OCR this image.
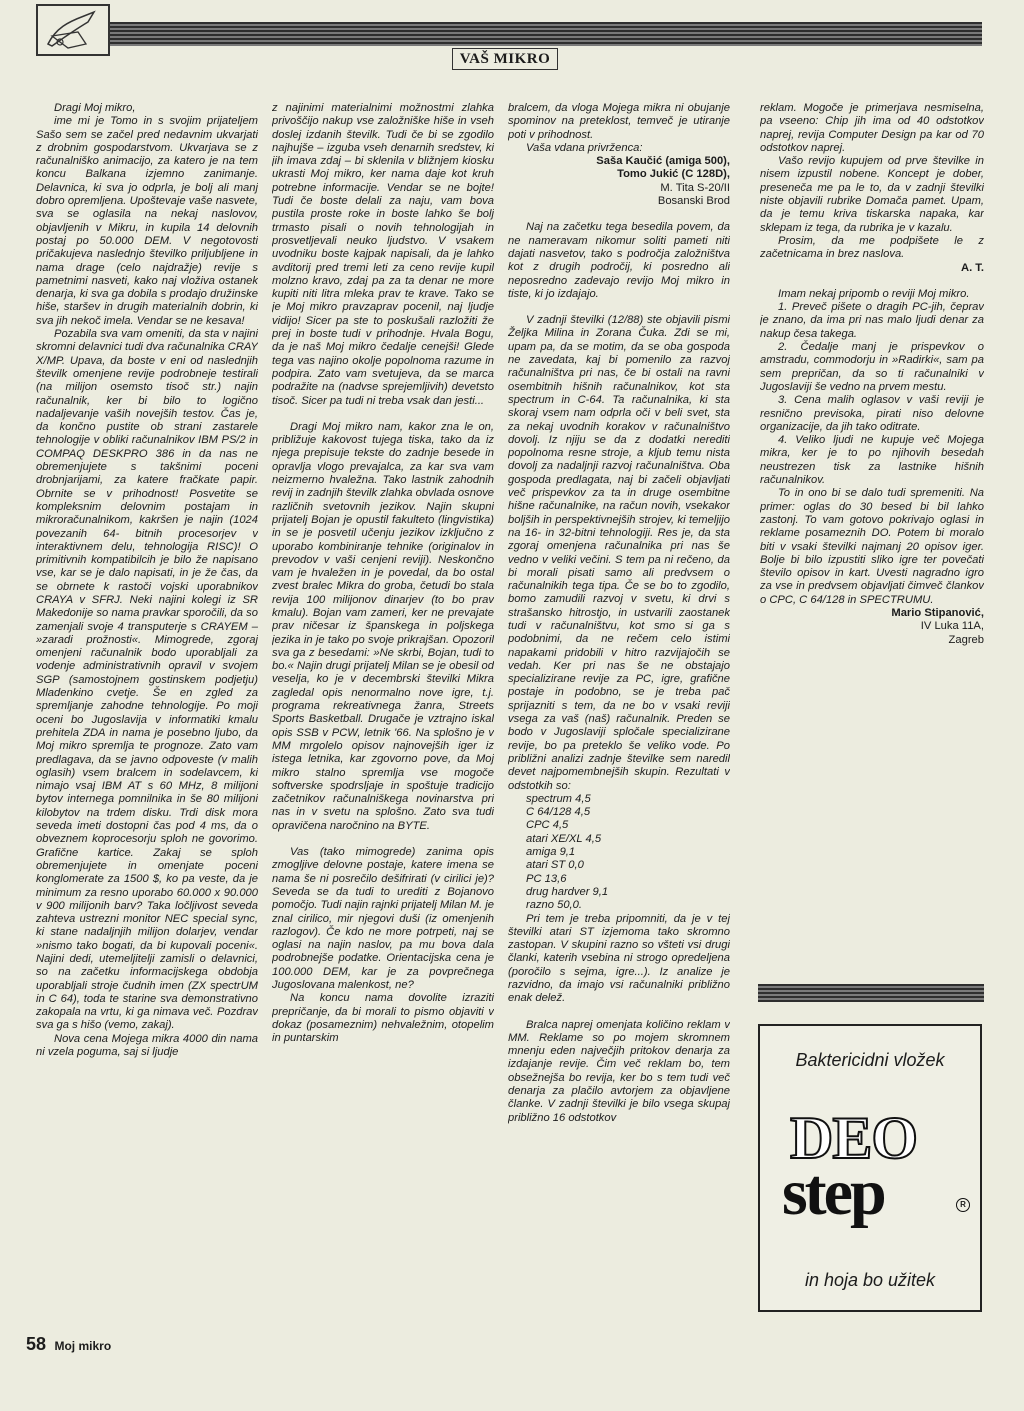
VAŠ MIKRO

Dragi Moj mikro,

ime mi je Tomo in s svojim prijateljem Sašo sem se začel pred nedavnim ukvarjati z drobnim gospodarstvom. Ukvarjava se z računalniško animacijo, za katero je na tem koncu Balkana izjemno zanimanje. Delavnica, ki sva jo odprla, je bolj ali manj dobro opremljena. Upoštevaje vaše nasvete, sva se oglasila na nekaj naslovov, objavljenih v Mikru, in kupila 14 delovnih postaj po 50.000 DEM. V negotovosti pričakujeva naslednjo številko priljubljene in nama drage (celo najdražje) revije s pametnimi nasveti, kako naj vloživa ostanek denarja, ki sva ga dobila s prodajo družinske hiše, staršev in drugih materialnih dobrin, ki sva jih nekoč imela. Vendar se ne kesava!

Pozabila sva vam omeniti, da sta v najini skromni delavnici tudi dva računalnika CRAY X/MP. Upava, da boste v eni od naslednjih številk omenjene revije podrobneje testirali (na milijon osemsto tisoč str.) najin računalnik, ker bi bilo to logično nadaljevanje vaših novejših testov. Čas je, da končno pustite ob strani zastarele tehnologije v obliki računalnikov IBM PS/2 in COMPAQ DESKPRO 386 in da nas ne obremenjujete s takšnimi poceni drobnjarijami, za katere fračkate papir. Obrnite se v prihodnost! Posvetite se kompleksnim delovnim postajam in mikroračunalnikom, kakršen je najin (1024 povezanih 64- bitnih procesorjev v interaktivnem delu, tehnologija RISC)! O primitivnih kompatibilcih je bilo že napisano vse, kar se je dalo napisati, in je že čas, da se obrnete k rastoči vojski uporabnikov CRAYA v SFRJ. Neki najini kolegi iz SR Makedonije so nama pravkar sporočili, da so zamenjali svoje 4 transputerje s CRAYEM – »zaradi prožnosti«. Mimogrede, zgoraj omenjeni računalnik bodo uporabljali za vodenje administrativnih opravil v svojem SGP (samostojnem gostinskem podjetju) Mladenkino cvetje. Še en zgled za spremljanje zahodne tehnologije. Po moji oceni bo Jugoslavija v informatiki kmalu prehitela ZDA in nama je posebno ljubo, da Moj mikro spremlja te prognoze. Zato vam predlagava, da se javno odpoveste (v malih oglasih) vsem bralcem in sodelavcem, ki nimajo vsaj IBM AT s 60 MHz, 8 milijoni bytov internega pomnilnika in še 80 milijoni kilobytov na trdem disku. Trdi disk mora seveda imeti dostopni čas pod 4 ms, da o obveznem koprocesorju sploh ne govorimo. Grafične kartice. Zakaj se sploh obremenjujete in omenjate poceni konglomerate za 1500 $, ko pa veste, da je minimum za resno uporabo 60.000 x 90.000 v 900 milijonih barv? Taka ločljivost seveda zahteva ustrezni monitor NEC special sync, ki stane nadaljnjih milijon dolarjev, vendar »nismo tako bogati, da bi kupovali poceni«. Najini dedi, utemeljitelji zamisli o delavnici, so na začetku informacijskega obdobja uporabljali stroje čudnih imen (ZX spectrUM in C 64), toda te starine sva demonstrativno zakopala na vrtu, ki ga nimava več. Pozdrav sva ga s hišo (vemo, zakaj).

Nova cena Mojega mikra 4000 din nama ni vzela poguma, saj si ljudje

z najinimi materialnimi možnostmi zlahka privoščijo nakup vse založniške hiše in vseh doslej izdanih številk. Tudi če bi se zgodilo najhujše – izguba vseh denarnih sredstev, ki jih imava zdaj – bi sklenila v bližnjem kiosku ukrasti Moj mikro, ker nama daje kot kruh potrebne informacije. Vendar se ne bojte! Tudi če boste delali za naju, vam bova pustila proste roke in boste lahko še bolj trmasto pisali o novih tehnologijah in prosvetljevali neuko ljudstvo. V vsakem uvodniku boste kajpak napisali, da je lahko avditorij pred tremi leti za ceno revije kupil molzno kravo, zdaj pa za ta denar ne more kupiti niti litra mleka prav te krave. Tako se je Moj mikro pravzaprav pocenil, naj ljudje vidijo! Sicer pa ste to poskušali razložiti že prej in boste tudi v prihodnje. Hvala Bogu, da je naš Moj mikro čedalje cenejši! Glede tega vas najino okolje popolnoma razume in podpira. Zato vam svetujeva, da se marca podražite na (nadvse sprejemljivih) devetsto tisoč. Sicer pa tudi ni treba vsak dan jesti...

Dragi Moj mikro nam, kakor zna le on, približuje kakovost tujega tiska, tako da iz njega prepisuje tekste do zadnje besede in opravlja vlogo prevajalca, za kar sva vam neizmerno hvaležna. Tako lastnik zahodnih revij in zadnjih številk zlahka obvlada osnove različnih svetovnih jezikov. Najin skupni prijatelj Bojan je opustil fakulteto (lingvistika) in se je posvetil učenju jezikov izključno z uporabo kombiniranje tehnike (originalov in prevodov v vaši cenjeni reviji). Neskončno vam je hvaležen in je povedal, da bo ostal zvest bralec Mikra do groba, četudi bo stala revija 100 milijonov dinarjev (to bo prav kmalu). Bojan vam zameri, ker ne prevajate prav ničesar iz španskega in poljskega jezika in je tako po svoje prikrajšan. Opozoril sva ga z besedami: »Ne skrbi, Bojan, tudi to bo.« Najin drugi prijatelj Milan se je obesil od veselja, ko je v decembrski številki Mikra zagledal opis nenormalno nove igre, t.j. programa rekreativnega žanra, Streets Sports Basketball. Drugače je vztrajno iskal opis SSB v PCW, letnik '66. Na splošno je v MM mrgolelo opisov najnovejših iger iz istega letnika, kar zgovorno pove, da Moj mikro stalno spremlja vse mogoče softverske spodrsljaje in spoštuje tradicijo začetnikov računalniškega novinarstva pri nas in v svetu na splošno. Zato sva tudi opravičena naročnino na BYTE.

Vas (tako mimogrede) zanima opis zmogljive delovne postaje, katere imena se nama še ni posrečilo dešifrirati (v cirilici je)? Seveda se da tudi to urediti z Bojanovo pomočjo. Tudi najin rajnki prijatelj Milan M. je znal cirilico, mir njegovi duši (iz omenjenih razlogov). Če kdo ne more potrpeti, naj se oglasi na najin naslov, pa mu bova dala podrobnejše podatke. Orientacijska cena je 100.000 DEM, kar je za povprečnega Jugoslovana malenkost, ne?

Na koncu nama dovolite izraziti prepričanje, da bi morali to pismo objaviti v dokaz (posameznim) nehvaležnim, otopelim in puntarskim

bralcem, da vloga Mojega mikra ni obujanje spominov na preteklost, temveč je utiranje poti v prihodnost.

Vaša vdana privrženca:

Saša Kaučić (amiga 500),

Tomo Jukić (C 128D),

M. Tita S-20/II

Bosanski Brod

Naj na začetku tega besedila povem, da ne nameravam nikomur soliti pameti niti dajati nasvetov, tako s področja založništva kot z drugih področij, ki posredno ali neposredno zadevajo revijo Moj mikro in tiste, ki jo izdajajo.

V zadnji številki (12/88) ste objavili pismi Željka Milina in Zorana Čuka. Zdi se mi, upam pa, da se motim, da se oba gospoda ne zavedata, kaj bi pomenilo za razvoj računalništva pri nas, če bi ostali na ravni osembitnih hišnih računalnikov, kot sta spectrum in C-64. Ta računalnika, ki sta skoraj vsem nam odprla oči v beli svet, sta za nekaj uvodnih korakov v računalništvo dovolj. Iz njiju se da z dodatki nerediti popolnoma resne stroje, a kljub temu nista dovolj za nadaljnji razvoj računalništva. Oba gospoda predlagata, naj bi začeli objavljati več prispevkov za ta in druge osembitne hišne računalnike, na račun novih, vsekakor boljših in perspektivnejših strojev, ki temeljijo na 16- in 32-bitni tehnologiji. Res je, da sta zgoraj omenjena računalnika pri nas še vedno v veliki večini. S tem pa ni rečeno, da bi morali pisati samo ali predvsem o računalnikih tega tipa. Če se bo to zgodilo, bomo zamudili razvoj v svetu, ki drvi s strašansko hitrostjo, in ustvarili zaostanek tudi v računalništvu, kot smo si ga s podobnimi, da ne rečem celo istimi napakami pridobili v hitro razvijajočih se vedah. Ker pri nas še ne obstajajo specializirane revije za PC, igre, grafične postaje in podobno, se je treba pač sprijazniti s tem, da ne bo v vsaki reviji vsega za vaš (naš) računalnik. Preden se bodo v Jugoslaviji spločale specializirane revije, bo pa preteklo še veliko vode. Po približni analizi zadnje številke sem naredil devet najpomembnejših skupin. Rezultati v odstotkih so:

spectrum 4,5
C 64/128 4,5
CPC 4,5
atari XE/XL 4,5
amiga 9,1
atari ST 0,0
PC 13,6
drug hardver 9,1
razno 50,0.

Pri tem je treba pripomniti, da je v tej številki atari ST izjemoma tako skromno zastopan. V skupini razno so všteti vsi drugi članki, katerih vsebina ni strogo opredeljena (poročilo s sejma, igre...). Iz analize je razvidno, da imajo vsi računalniki približno enak delež.

Bralca naprej omenjata količino reklam v MM. Reklame so po mojem skromnem mnenju eden največjih pritokov denarja za izdajanje revije. Čim več reklam bo, tem obsežnejša bo revija, ker bo s tem tudi več denarja za plačilo avtorjem za objavljene članke. V zadnji številki je bilo vsega skupaj približno 16 odstotkov

reklam. Mogoče je primerjava nesmiselna, pa vseeno: Chip jih ima od 40 odstotkov naprej, revija Computer Design pa kar od 70 odstotkov naprej.

Vašo revijo kupujem od prve številke in nisem izpustil nobene. Koncept je dober, preseneča me pa le to, da v zadnji številki niste objavili rubrike Domača pamet. Upam, da je temu kriva tiskarska napaka, kar sklepam iz tega, da rubrika je v kazalu.

Prosim, da me podpišete le z začetnicama in brez naslova.

A. T.

Imam nekaj pripomb o reviji Moj mikro.

1. Preveč pišete o dragih PC-jih, čeprav je znano, da ima pri nas malo ljudi denar za nakup česa takega.

2. Čedalje manj je prispevkov o amstradu, commodorju in »Radirki«, sam pa sem prepričan, da so ti računalniki v Jugoslaviji še vedno na prvem mestu.

3. Cena malih oglasov v vaši reviji je resnično previsoka, pirati niso delovne organizacije, da jih tako oditrate.

4. Veliko ljudi ne kupuje več Mojega mikra, ker je to po njihovih besedah neustrezen tisk za lastnike hišnih računalnikov.

To in ono bi se dalo tudi spremeniti. Na primer: oglas do 30 besed bi bil lahko zastonj. To vam gotovo pokrivajo oglasi in reklame posameznih DO. Potem bi moralo biti v vsaki številki najmanj 20 opisov iger. Bolje bi bilo izpustiti sliko igre ter povečati število opisov in kart. Uvesti nagradno igro za vse in predvsem objavljati čimveč člankov o CPC, C 64/128 in SPECTRUMU.

Mario Stipanović,

IV Luka 11A,

Zagreb

Baktericidni vložek
DEO
step	R
in hoja bo užitek
58 Moj mikro
